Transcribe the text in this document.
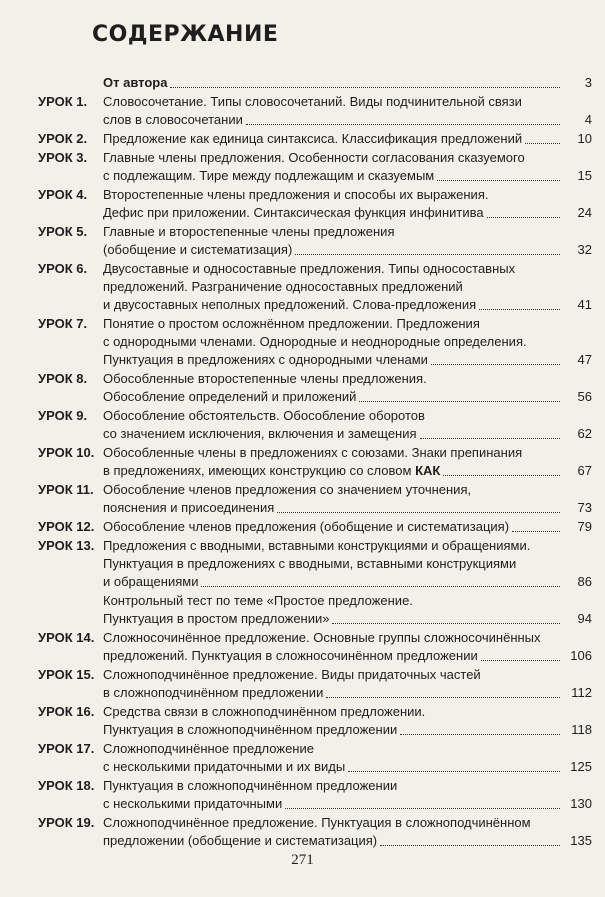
СОДЕРЖАНИЕ

От автора	3
УРОК 1.	Словосочетание. Типы словосочетаний. Виды подчинительной связи
слов в словосочетании	4
УРОК 2.	Предложение как единица синтаксиса. Классификация предложений	10
УРОК 3.	Главные члены предложения. Особенности согласования сказуемого
с подлежащим. Тире между подлежащим и сказуемым	15
УРОК 4.	Второстепенные члены предложения и способы их выражения.
Дефис при приложении. Синтаксическая функция инфинитива	24
УРОК 5.	Главные и второстепенные члены предложения
(обобщение и систематизация)	32
УРОК 6.	Двусоставные и односоставные предложения. Типы односоставных
предложений. Разграничение односоставных предложений
и двусоставных неполных предложений. Слова-предложения	41
УРОК 7.	Понятие о простом осложнённом предложении. Предложения
с однородными членами. Однородные и неоднородные определения.
Пунктуация в предложениях с однородными членами	47
УРОК 8.	Обособленные второстепенные члены предложения.
Обособление определений и приложений	56
УРОК 9.	Обособление обстоятельств. Обособление оборотов
со значением исключения, включения и замещения	62
УРОК 10. Обособленные члены в предложениях с союзами. Знаки препинания
в предложениях, имеющих конструкцию со словом
КАК	67
УРОК 11. Обособление членов предложения со значением уточнения,
пояснения и присоединения	73
УРОК 12. Обособление членов предложения (обобщение и систематизация)	79
УРОК 13. Предложения с вводными, вставными конструкциями и обращениями.
Пунктуация в предложениях с вводными, вставными конструкциями
и обращениями	86
Контрольный тест по теме «Простое предложение.
Пунктуация в простом предложении»	94
УРОК 14. Сложносочинённое предложение. Основные группы сложносочинённых
предложений. Пунктуация в сложносочинённом предложении	106
УРОК 15. Сложноподчинённое предложение. Виды придаточных частей
в сложноподчинённом предложении	112
УРОК 16. Средства связи в сложноподчинённом предложении.
Пунктуация в сложноподчинённом предложении	118
УРОК 17. Сложноподчинённое предложение
с несколькими придаточными и их виды	125
УРОК 18. Пунктуация в сложноподчинённом предложении
с несколькими придаточными	130
УРОК 19. Сложноподчинённое предложение. Пунктуация в сложноподчинённом
предложении (обобщение и систематизация)	135
271
